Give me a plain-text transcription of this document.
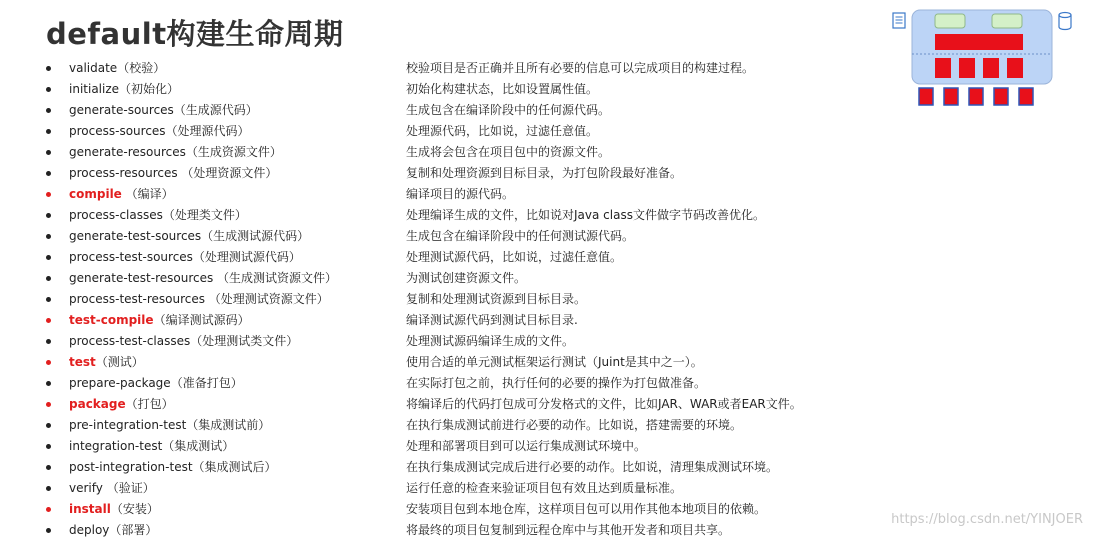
default构建生命周期
validate（校验）	校验项目是否正确并且所有必要的信息可以完成项目的构建过程。
initialize（初始化）	初始化构建状态，比如设置属性值。
generate-sources（生成源代码）	生成包含在编译阶段中的任何源代码。
process-sources（处理源代码）	处理源代码，比如说，过滤任意值。
generate-resources（生成资源文件）	生成将会包含在项目包中的资源文件。
process-resources （处理资源文件）	复制和处理资源到目标目录，为打包阶段最好准备。
compile （编译）	编译项目的源代码。
process-classes（处理类文件）	处理编译生成的文件，比如说对Java class文件做字节码改善优化。
generate-test-sources（生成测试源代码）	生成包含在编译阶段中的任何测试源代码。
process-test-sources（处理测试源代码）	处理测试源代码，比如说，过滤任意值。
generate-test-resources （生成测试资源文件）	为测试创建资源文件。
process-test-resources （处理测试资源文件）	复制和处理测试资源到目标目录。
test-compile（编译测试源码）	编译测试源代码到测试目标目录.
process-test-classes（处理测试类文件）	处理测试源码编译生成的文件。
test（测试）	使用合适的单元测试框架运行测试（Juint是其中之一）。
prepare-package（准备打包）	在实际打包之前，执行任何的必要的操作为打包做准备。
package（打包）	将编译后的代码打包成可分发格式的文件，比如JAR、WAR或者EAR文件。
pre-integration-test（集成测试前）	在执行集成测试前进行必要的动作。比如说，搭建需要的环境。
integration-test（集成测试）	处理和部署项目到可以运行集成测试环境中。
post-integration-test（集成测试后）	在执行集成测试完成后进行必要的动作。比如说，清理集成测试环境。
verify （验证）	运行任意的检查来验证项目包有效且达到质量标准。
install（安装）	安装项目包到本地仓库，这样项目包可以用作其他本地项目的依赖。
deploy（部署）	将最终的项目包复制到远程仓库中与其他开发者和项目共享。
https://blog.csdn.net/YINJOER
